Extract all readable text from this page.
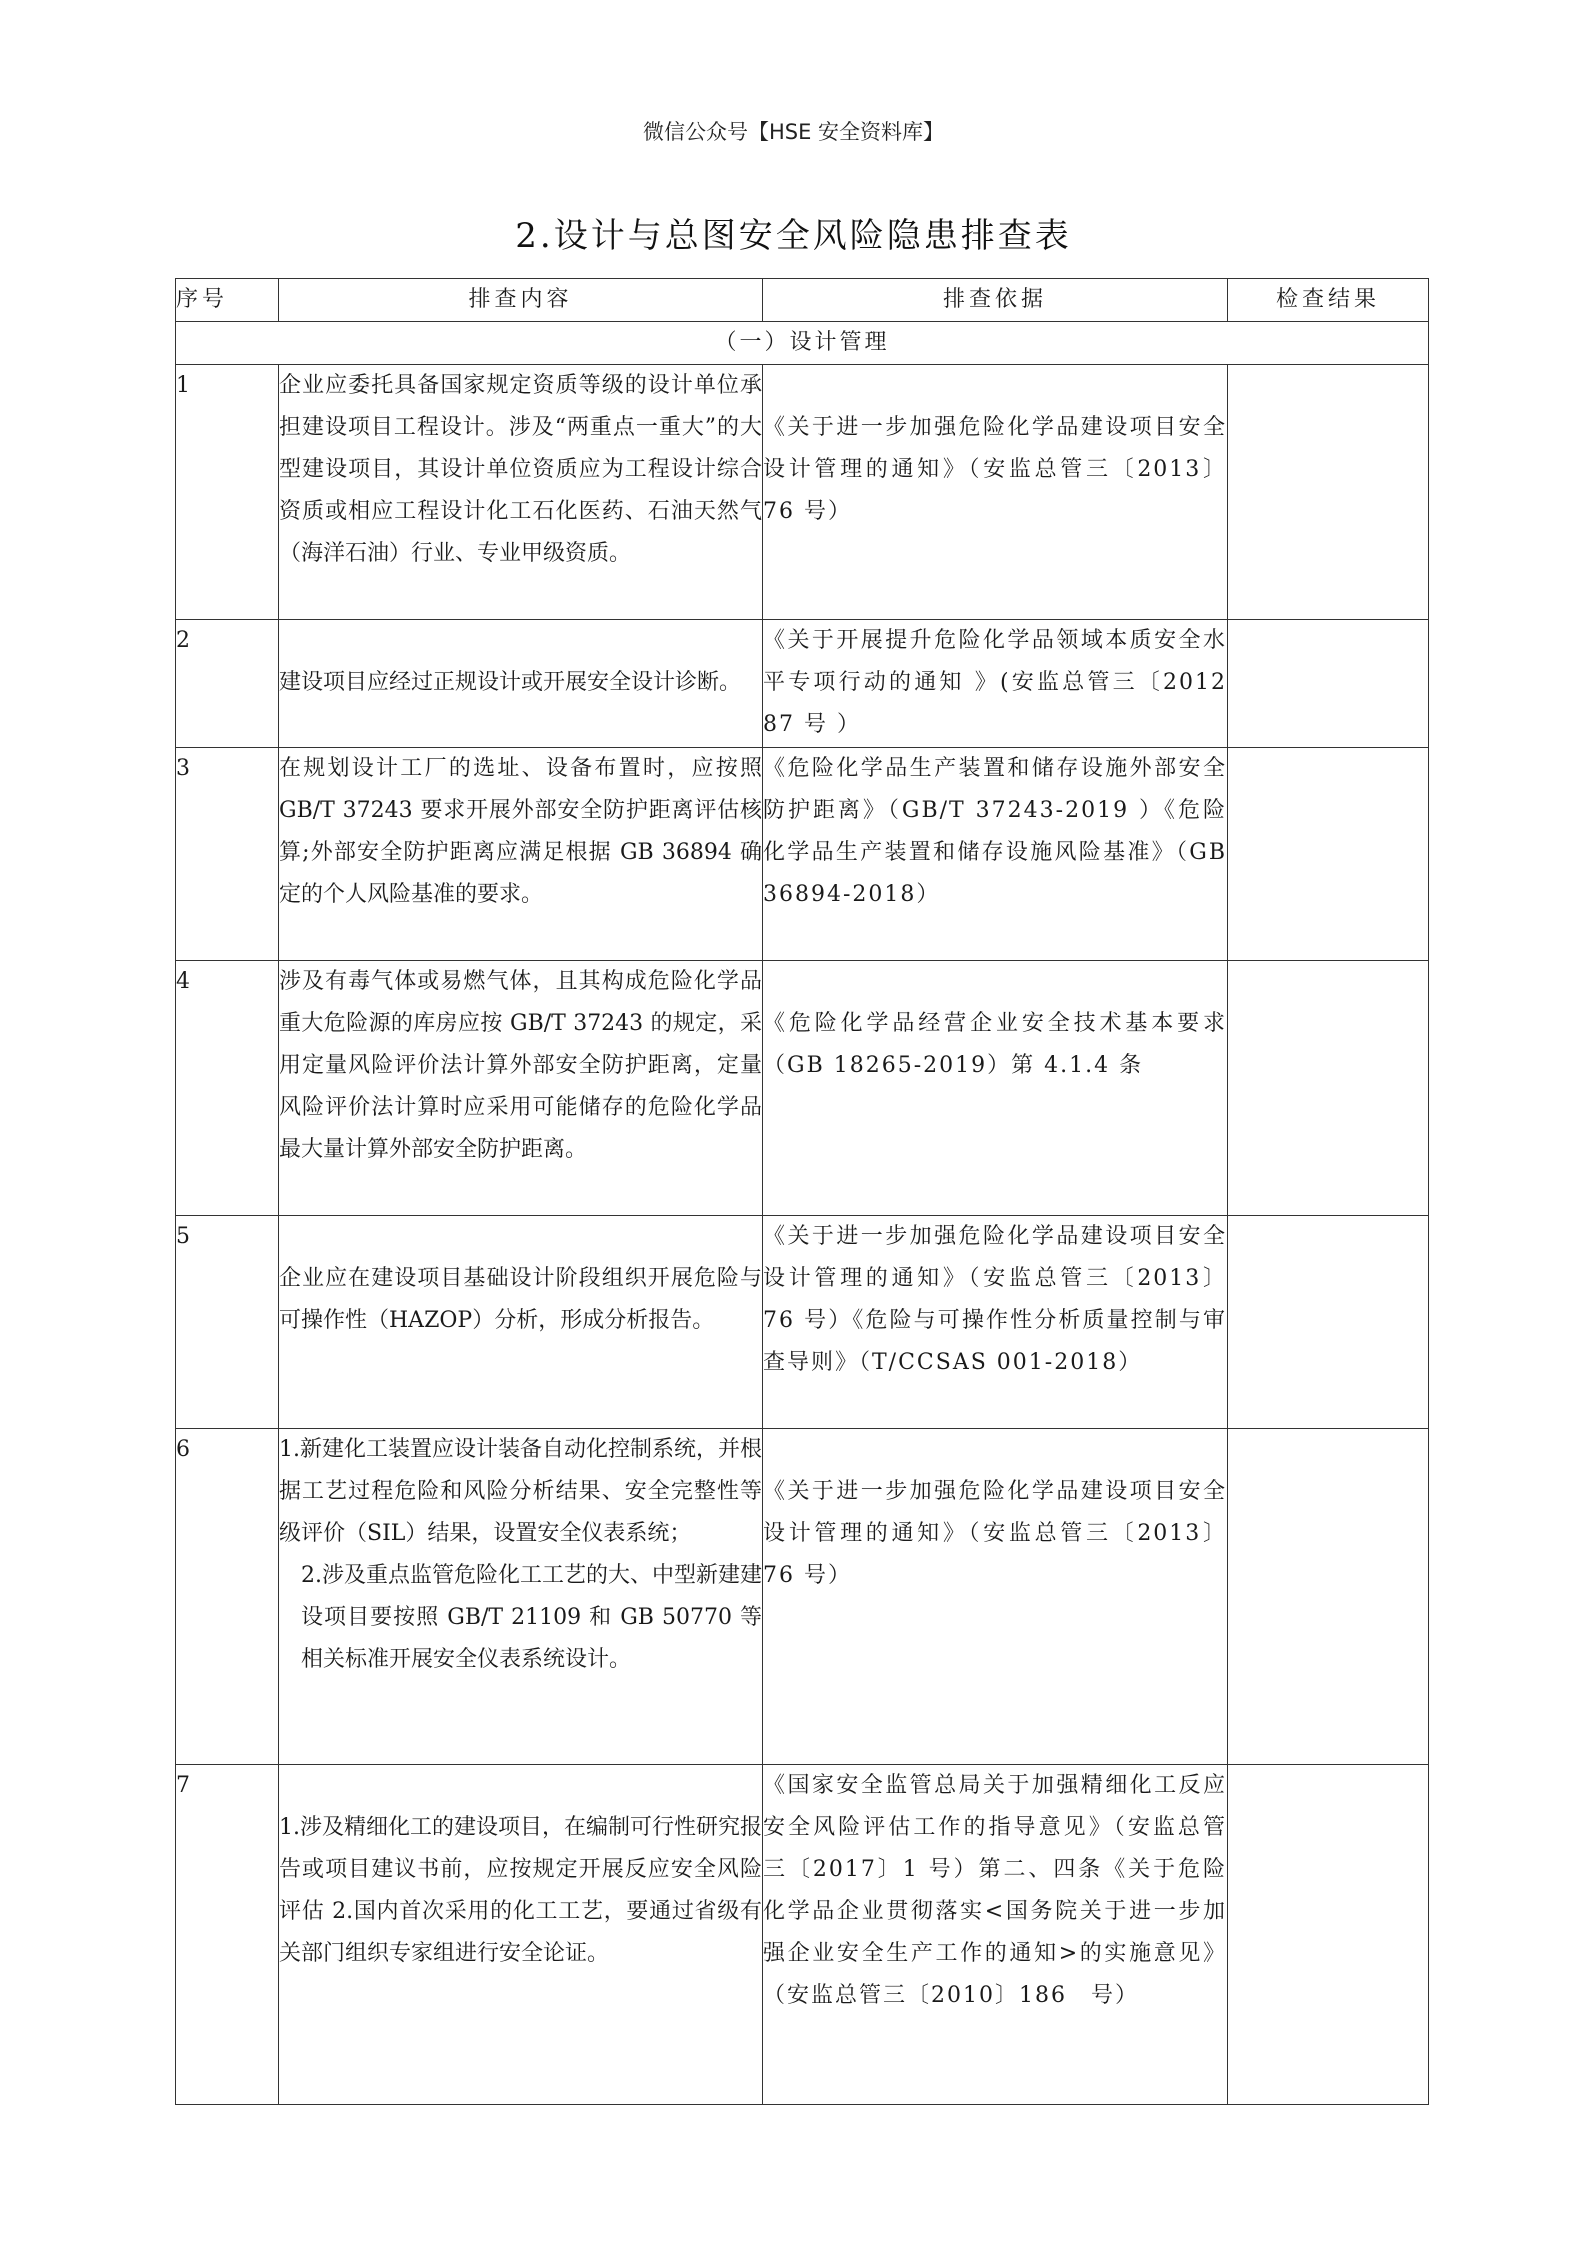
微信公众号【HSE 安全资料库】
2.设计与总图安全风险隐患排查表
序号	排查内容	排查依据	检查结果
（一）设计管理			
1	企业应委托具备国家规定资质等级的设计单位承担建设项目工程设计。涉及“两重点一重大”的大型建设项目，其设计单位资质应为工程设计综合资质或相应工程设计化工石化医药、石油天然气（海洋石油）行业、专业甲级资质。	《关于进一步加强危险化学品建设项目安全设计管理的通知》（安监总管三〔2013〕76 号）	

2	建设项目应经过正规设计或开展安全设计诊断。	《关于开展提升危险化学品领域本质安全水平专项行动的通知 》(安监总管三〔2012 87 号 ）	
3	在规划设计工厂的选址、设备布置时，应按照 GB/T 37243 要求开展外部安全防护距离评估核算;外部安全防护距离应满足根据 GB 36894 确定的个人风险基准的要求。	《危险化学品生产装置和储存设施外部安全防护距离》（GB/T 37243-2019 ）《危险化学品生产装置和储存设施风险基准》（GB 36894-2018）	
4	涉及有毒气体或易燃气体，且其构成危险化学品重大危险源的库房应按 GB/T 37243 的规定，采用定量风险评价法计算外部安全防护距离，定量风险评价法计算时应采用可能储存的危险化学品最大量计算外部安全防护距离。	《危险化学品经营企业安全技术基本要求（GB 18265-2019）第 4.1.4 条	

5	企业应在建设项目基础设计阶段组织开展危险与可操作性（HAZOP）分析，形成分析报告。	《关于进一步加强危险化学品建设项目安全设计管理的通知》（安监总管三〔2013〕76 号）《危险与可操作性分析质量控制与审查导则》（T/CCSAS 001-2018）	
6	1.新建化工装置应设计装备自动化控制系统，并根据工艺过程危险和风险分析结果、安全完整性等级评价（SIL）结果，设置安全仪表系统；
2.涉及重点监管危险化工工艺的大、中型新建建设项目要按照 GB/T 21109 和 GB 50770 等相关标准开展安全仪表系统设计。	《关于进一步加强危险化学品建设项目安全设计管理的通知》（安监总管三〔2013〕76 号）	

7	1.涉及精细化工的建设项目，在编制可行性研究报告或项目建议书前，应按规定开展反应安全风险评估 2.国内首次采用的化工工艺，要通过省级有关部门组织专家组进行安全论证。	《国家安全监管总局关于加强精细化工反应安全风险评估工作的指导意见》（安监总管三〔2017〕1 号）第二、四条《关于危险化学品企业贯彻落实<国务院关于进一步加强企业安全生产工作的通知>的实施意见》（安监总管三〔2010〕186　号）	
